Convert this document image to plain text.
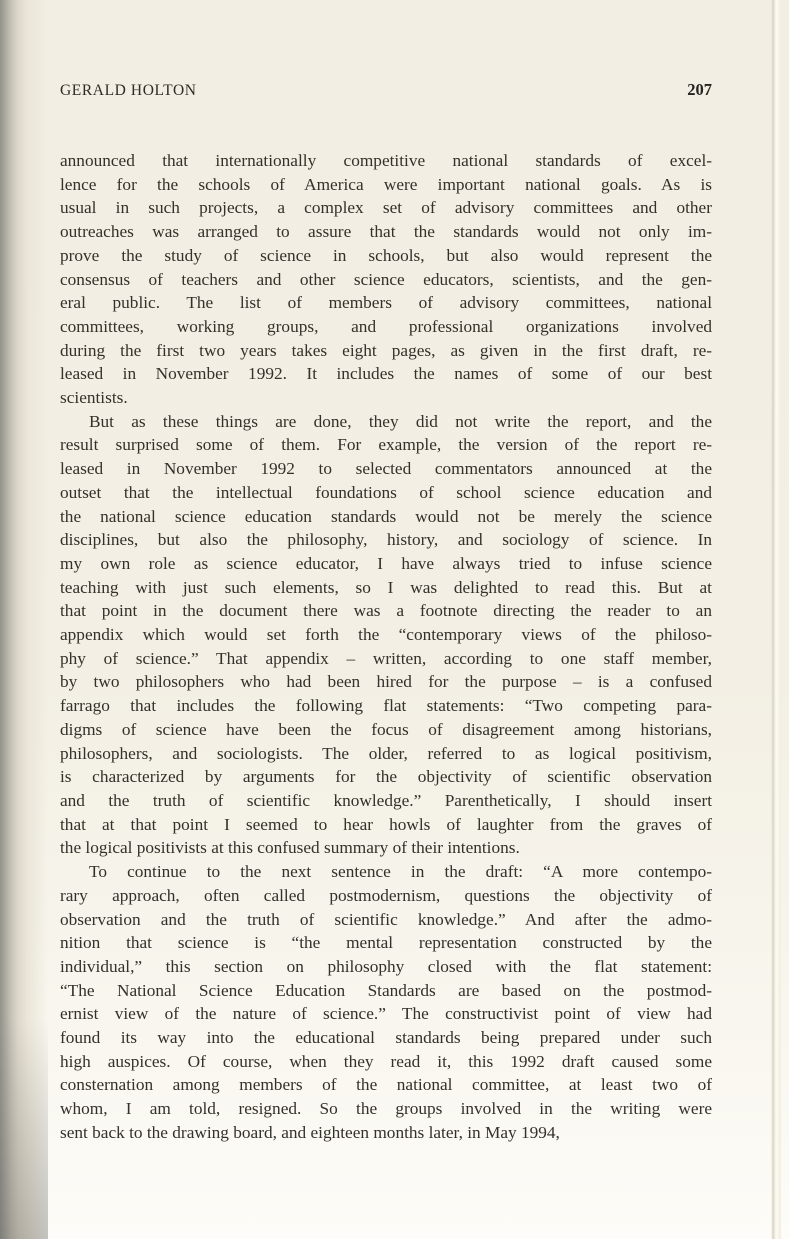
GERALD HOLTON	207
announced that internationally competitive national standards of excel-
lence for the schools of America were important national goals. As is
usual in such projects, a complex set of advisory committees and other
outreaches was arranged to assure that the standards would not only im-
prove the study of science in schools, but also would represent the
consensus of teachers and other science educators, scientists, and the gen-
eral public. The list of members of advisory committees, national
committees, working groups, and professional organizations involved
during the first two years takes eight pages, as given in the first draft, re-
leased in November 1992. It includes the names of some of our best
scientists.
But as these things are done, they did not write the report, and the
result surprised some of them. For example, the version of the report re-
leased in November 1992 to selected commentators announced at the
outset that the intellectual foundations of school science education and
the national science education standards would not be merely the science
disciplines, but also the philosophy, history, and sociology of science. In
my own role as science educator, I have always tried to infuse science
teaching with just such elements, so I was delighted to read this. But at
that point in the document there was a footnote directing the reader to an
appendix which would set forth the “contemporary views of the philoso-
phy of science.” That appendix – written, according to one staff member,
by two philosophers who had been hired for the purpose – is a confused
farrago that includes the following flat statements: “Two competing para-
digms of science have been the focus of disagreement among historians,
philosophers, and sociologists. The older, referred to as logical positivism,
is characterized by arguments for the objectivity of scientific observation
and the truth of scientific knowledge.” Parenthetically, I should insert
that at that point I seemed to hear howls of laughter from the graves of
the logical positivists at this confused summary of their intentions.
To continue to the next sentence in the draft: “A more contempo-
rary approach, often called postmodernism, questions the objectivity of
observation and the truth of scientific knowledge.” And after the admo-
nition that science is “the mental representation constructed by the
individual,” this section on philosophy closed with the flat statement:
“The National Science Education Standards are based on the postmod-
ernist view of the nature of science.” The constructivist point of view had
found its way into the educational standards being prepared under such
high auspices. Of course, when they read it, this 1992 draft caused some
consternation among members of the national committee, at least two of
whom, I am told, resigned. So the groups involved in the writing were
sent back to the drawing board, and eighteen months later, in May 1994,
